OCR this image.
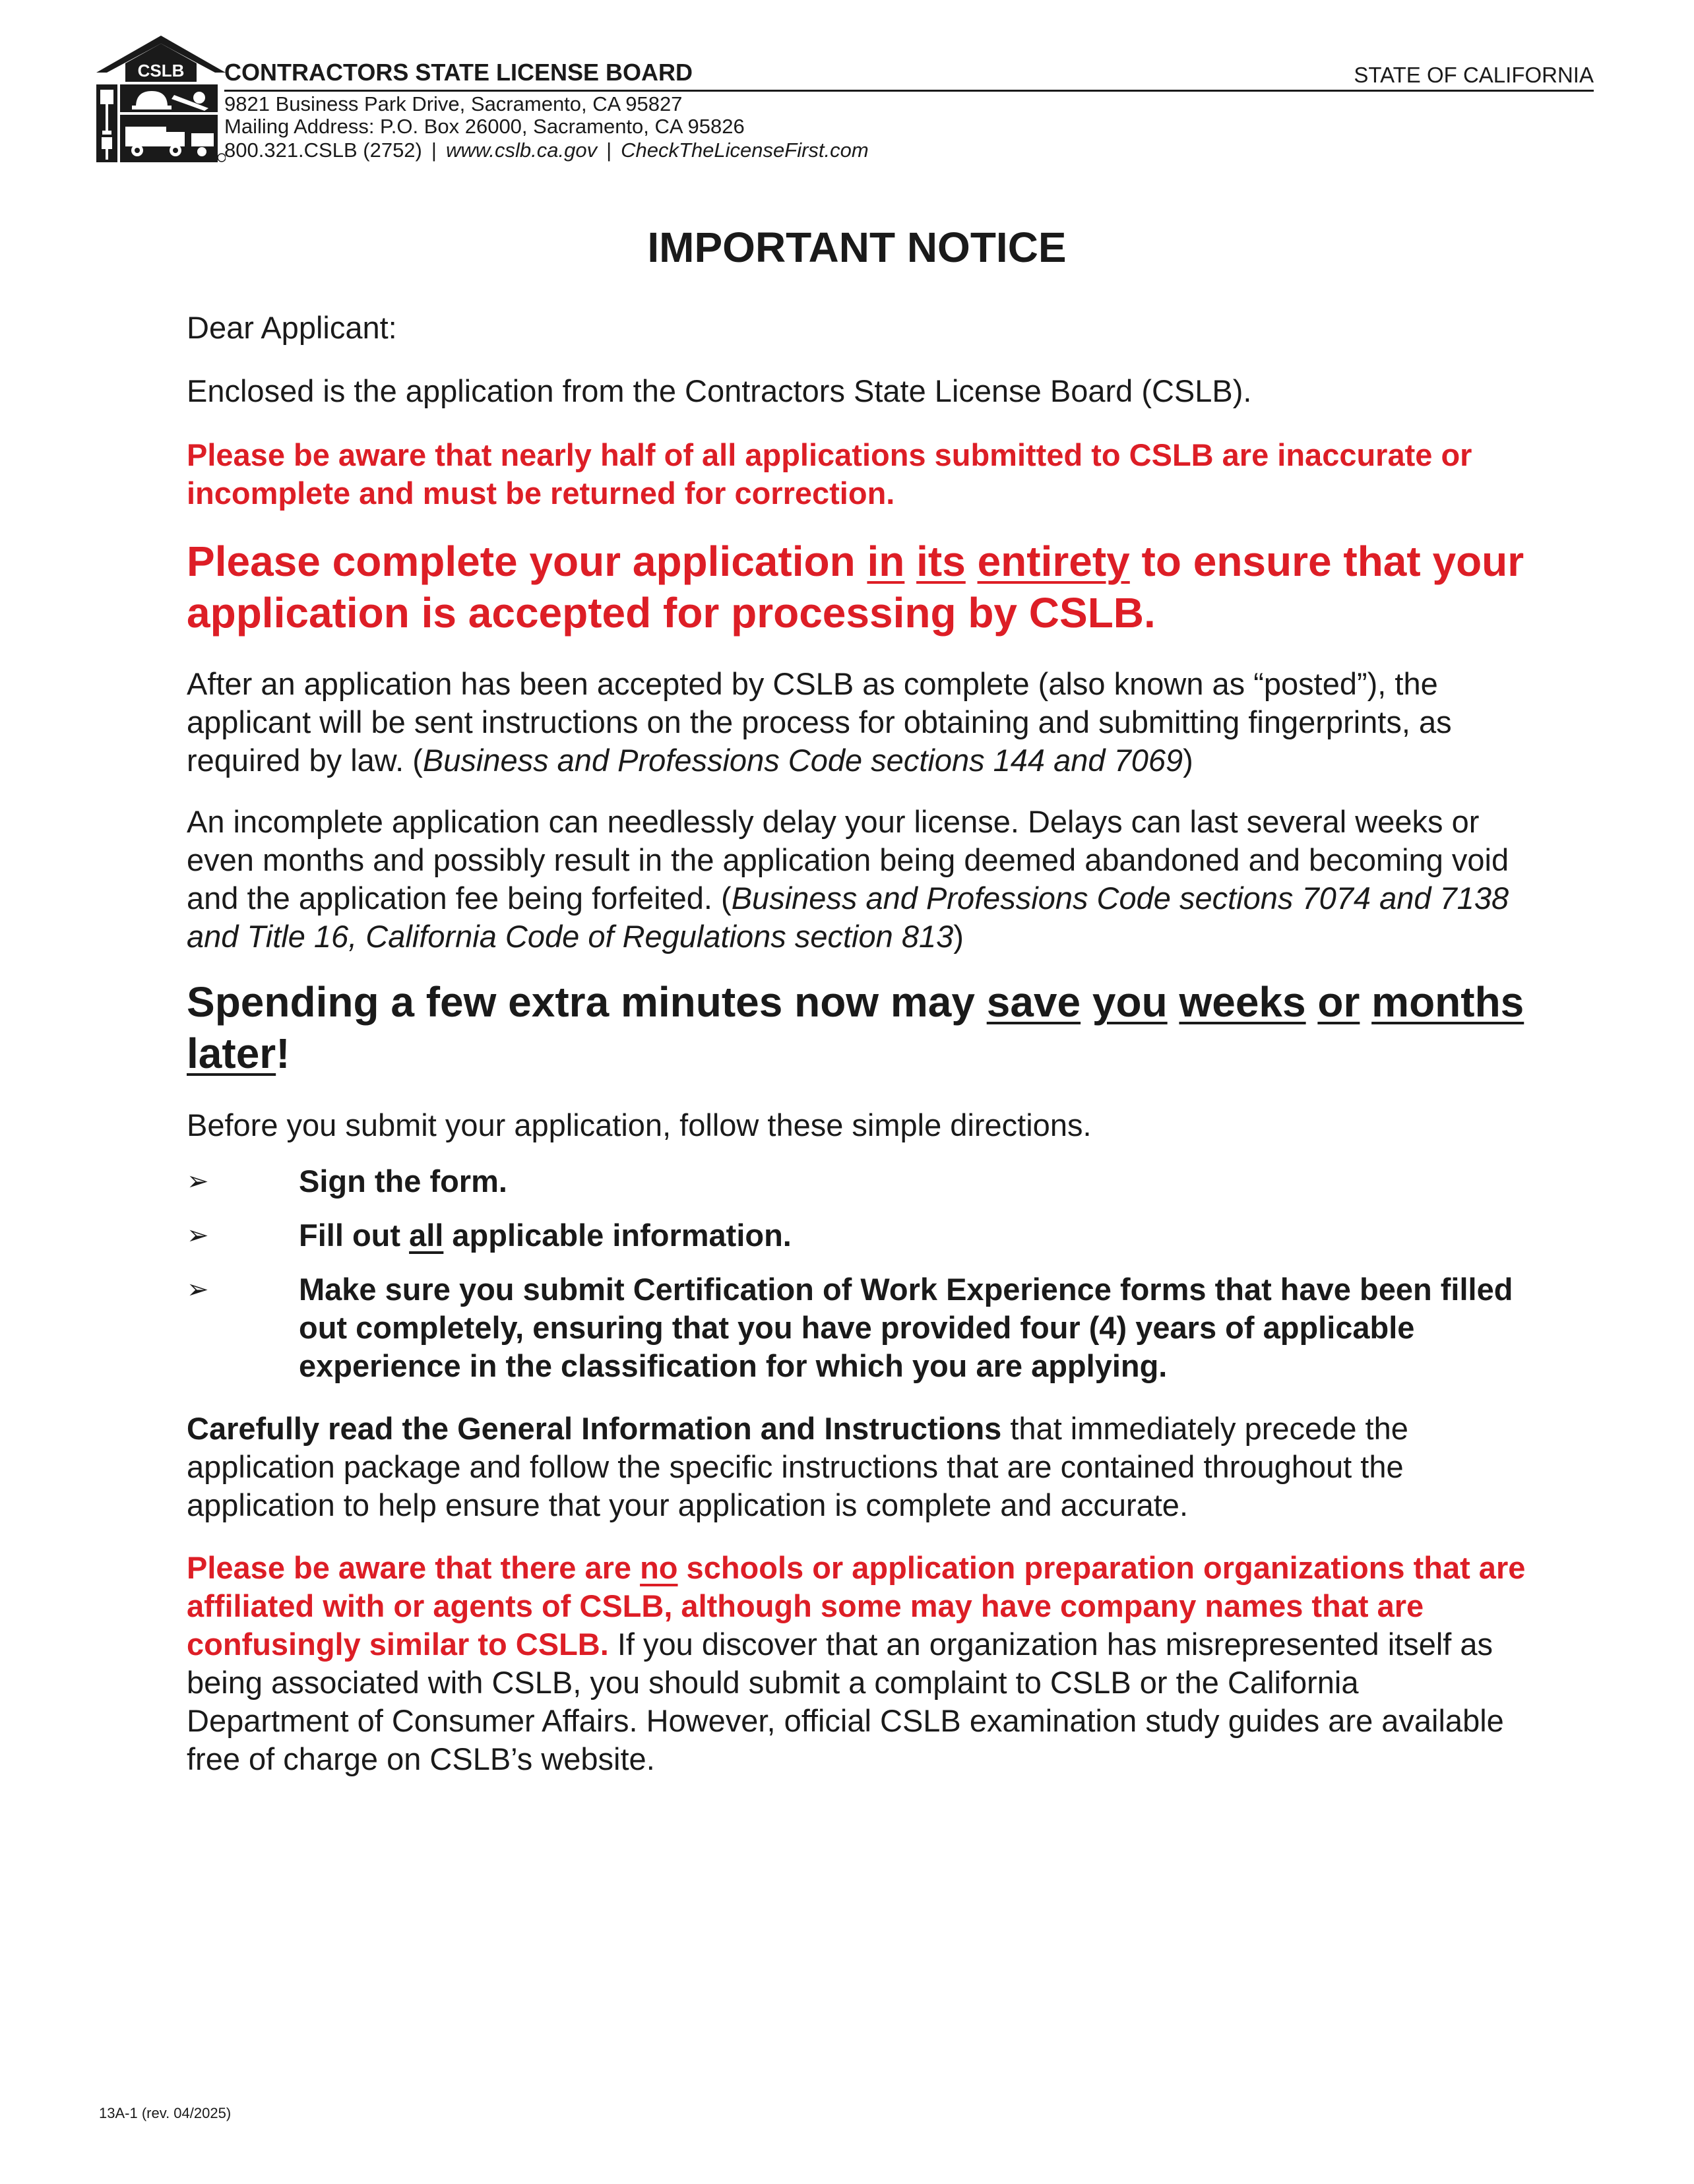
CSLB CONTRACTORS STATE LICENSE BOARD	STATE OF CALIFORNIA
9821 Business Park Drive, Sacramento, CA 95827
Mailing Address: P.O. Box 26000, Sacramento, CA 95826
800.321.CSLB (2752) | www.cslb.ca.gov | CheckTheLicenseFirst.com
IMPORTANT NOTICE
Dear Applicant:
Enclosed is the application from the Contractors State License Board (CSLB).
Please be aware that nearly half of all applications submitted to CSLB are inaccurate or incomplete and must be returned for correction.
Please complete your application in its entirety to ensure that your application is accepted for processing by CSLB.
After an application has been accepted by CSLB as complete (also known as “posted”), the applicant will be sent instructions on the process for obtaining and submitting fingerprints, as required by law. (Business and Professions Code sections 144 and 7069)
An incomplete application can needlessly delay your license. Delays can last several weeks or even months and possibly result in the application being deemed abandoned and becoming void and the application fee being forfeited. (Business and Professions Code sections 7074 and 7138 and Title 16, California Code of Regulations section 813)
Spending a few extra minutes now may save you weeks or months later!
Before you submit your application, follow these simple directions.
➢	Sign the form.
➢	Fill out all applicable information.
➢	Make sure you submit Certification of Work Experience forms that have been filled out completely, ensuring that you have provided four (4) years of applicable experience in the classification for which you are applying.
Carefully read the General Information and Instructions that immediately precede the application package and follow the specific instructions that are contained throughout the application to help ensure that your application is complete and accurate.
Please be aware that there are no schools or application preparation organizations that are affiliated with or agents of CSLB, although some may have company names that are confusingly similar to CSLB. If you discover that an organization has misrepresented itself as being associated with CSLB, you should submit a complaint to CSLB or the California Department of Consumer Affairs. However, official CSLB examination study guides are available free of charge on CSLB’s website.
13A-1 (rev. 04/2025)
